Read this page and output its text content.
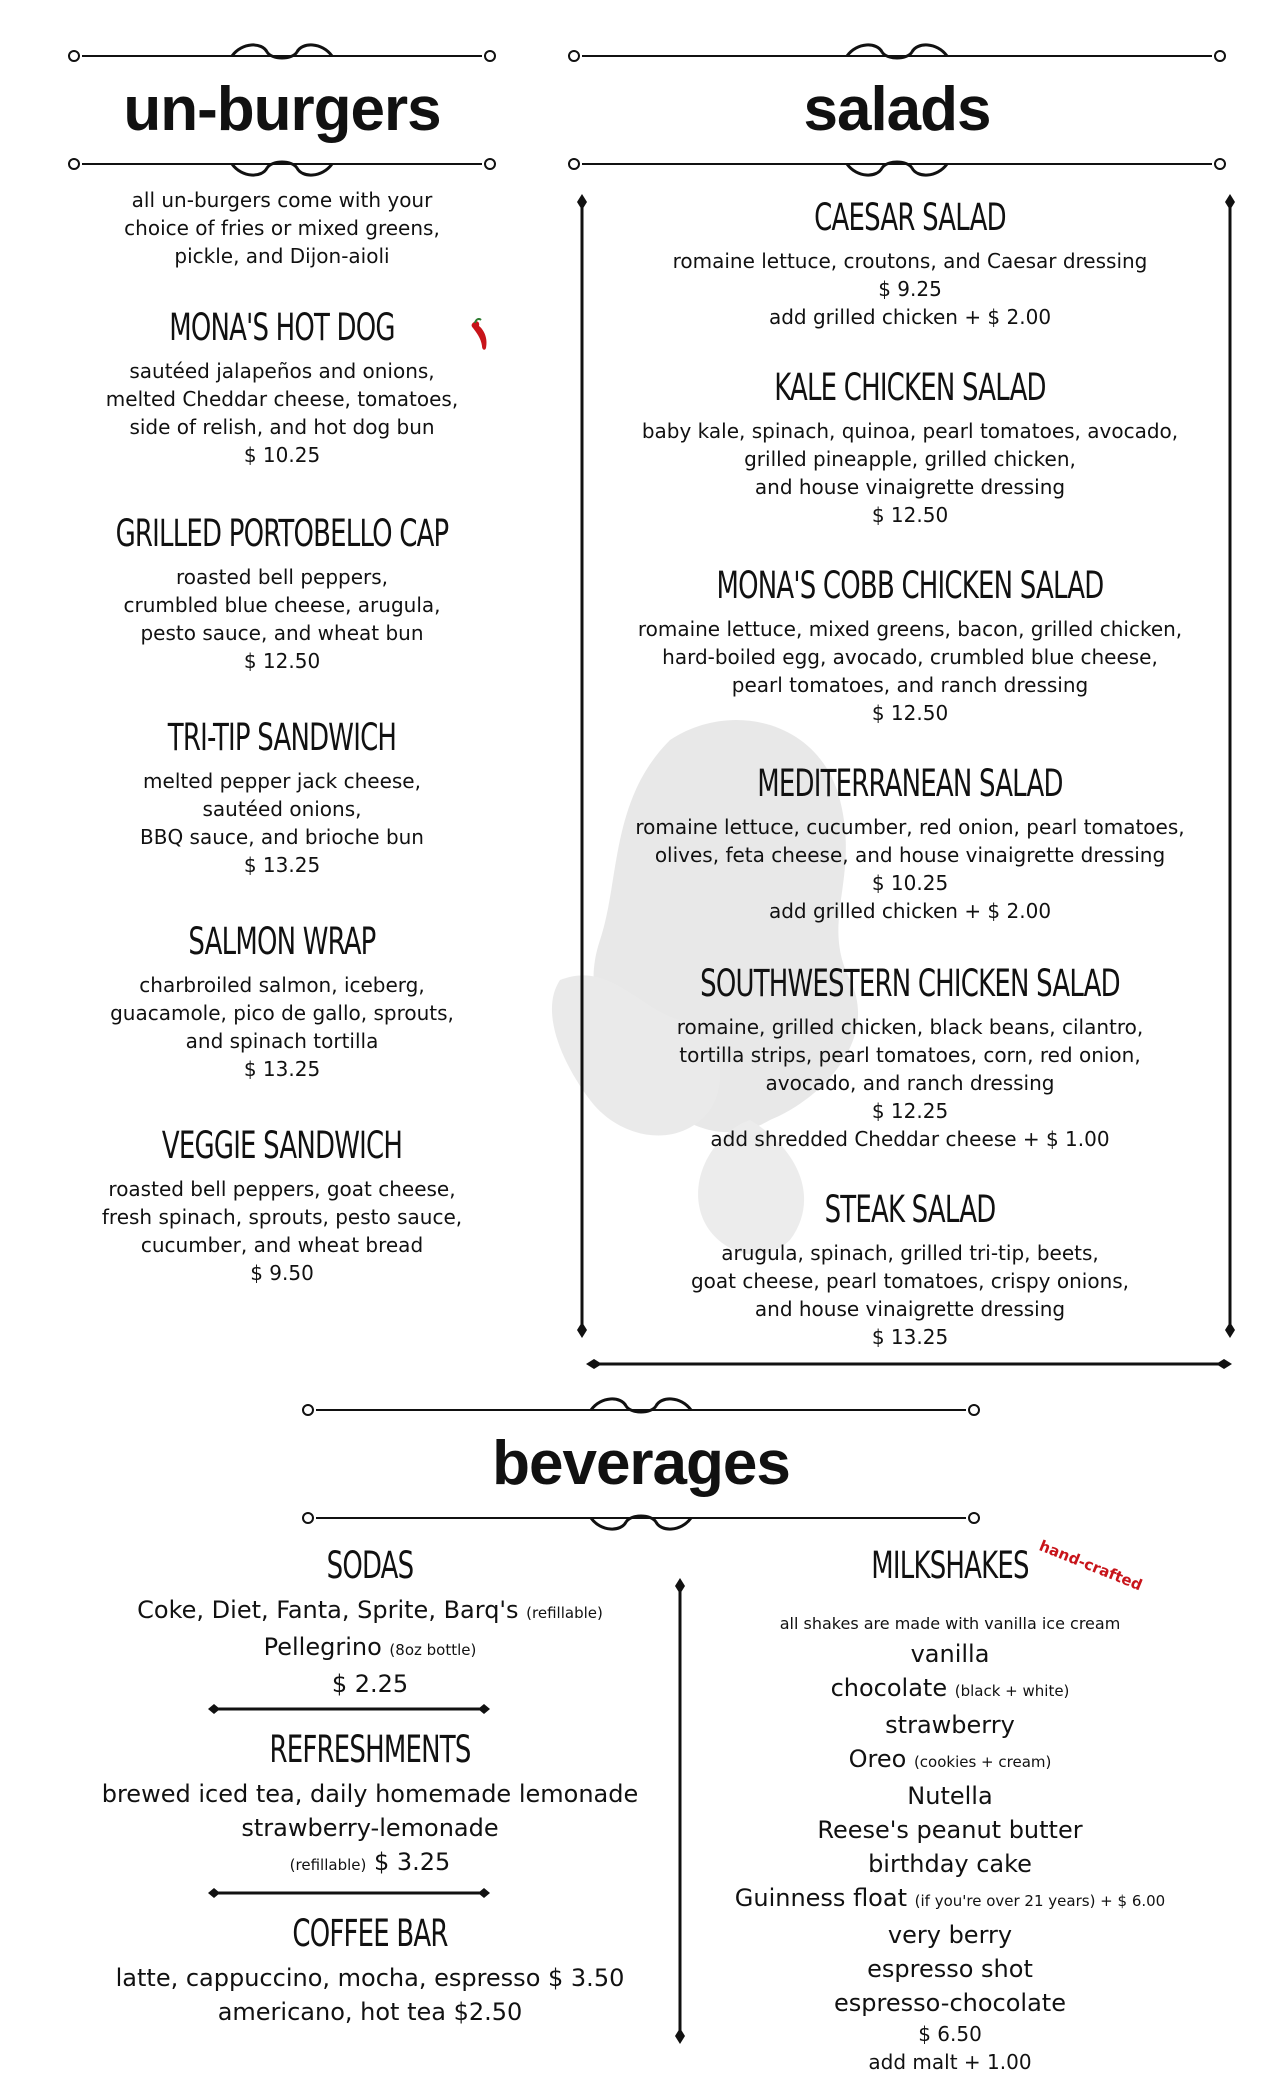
un-burgers
all un-burgers come with your
choice of fries or mixed greens,
pickle, and Dijon-aioli
MONA'S HOT DOG
sautéed jalapeños and onions,
melted Cheddar cheese, tomatoes,
side of relish, and hot dog bun
$ 10.25
GRILLED PORTOBELLO CAP
roasted bell peppers,
crumbled blue cheese, arugula,
pesto sauce, and wheat bun
$ 12.50
TRI-TIP SANDWICH
melted pepper jack cheese,
sautéed onions,
BBQ sauce, and brioche bun
$ 13.25
SALMON WRAP
charbroiled salmon, iceberg,
guacamole, pico de gallo, sprouts,
and spinach tortilla
$ 13.25
VEGGIE SANDWICH
roasted bell peppers, goat cheese,
fresh spinach, sprouts, pesto sauce,
cucumber, and wheat bread
$ 9.50
salads
CAESAR SALAD
romaine lettuce, croutons, and Caesar dressing
$ 9.25
add grilled chicken + $ 2.00
KALE CHICKEN SALAD
baby kale, spinach, quinoa, pearl tomatoes, avocado,
grilled pineapple, grilled chicken,
and house vinaigrette dressing
$ 12.50
MONA'S COBB CHICKEN SALAD
romaine lettuce, mixed greens, bacon, grilled chicken,
hard-boiled egg, avocado, crumbled blue cheese,
pearl tomatoes, and ranch dressing
$ 12.50
MEDITERRANEAN SALAD
romaine lettuce, cucumber, red onion, pearl tomatoes,
olives, feta cheese, and house vinaigrette dressing
$ 10.25
add grilled chicken + $ 2.00
SOUTHWESTERN CHICKEN SALAD
romaine, grilled chicken, black beans, cilantro,
tortilla strips, pearl tomatoes, corn, red onion,
avocado, and ranch dressing
$ 12.25
add shredded Cheddar cheese + $ 1.00
STEAK SALAD
arugula, spinach, grilled tri-tip, beets,
goat cheese, pearl tomatoes, crispy onions,
and house vinaigrette dressing
$ 13.25
beverages
SODAS
Coke, Diet, Fanta, Sprite, Barq's (refillable)
Pellegrino (8oz bottle)
$ 2.25
REFRESHMENTS
brewed iced tea, daily homemade lemonade
strawberry-lemonade
(refillable) $ 3.25
COFFEE BAR
latte, cappuccino, mocha, espresso $ 3.50
americano, hot tea $2.50
MILKSHAKES
all shakes are made with vanilla ice cream
vanilla
chocolate (black + white)
strawberry
Oreo (cookies + cream)
Nutella
Reese's peanut butter
birthday cake
Guinness float (if you're over 21 years) + $ 6.00
very berry
espresso shot
espresso-chocolate
$ 6.50
add malt + 1.00
hand-crafted
